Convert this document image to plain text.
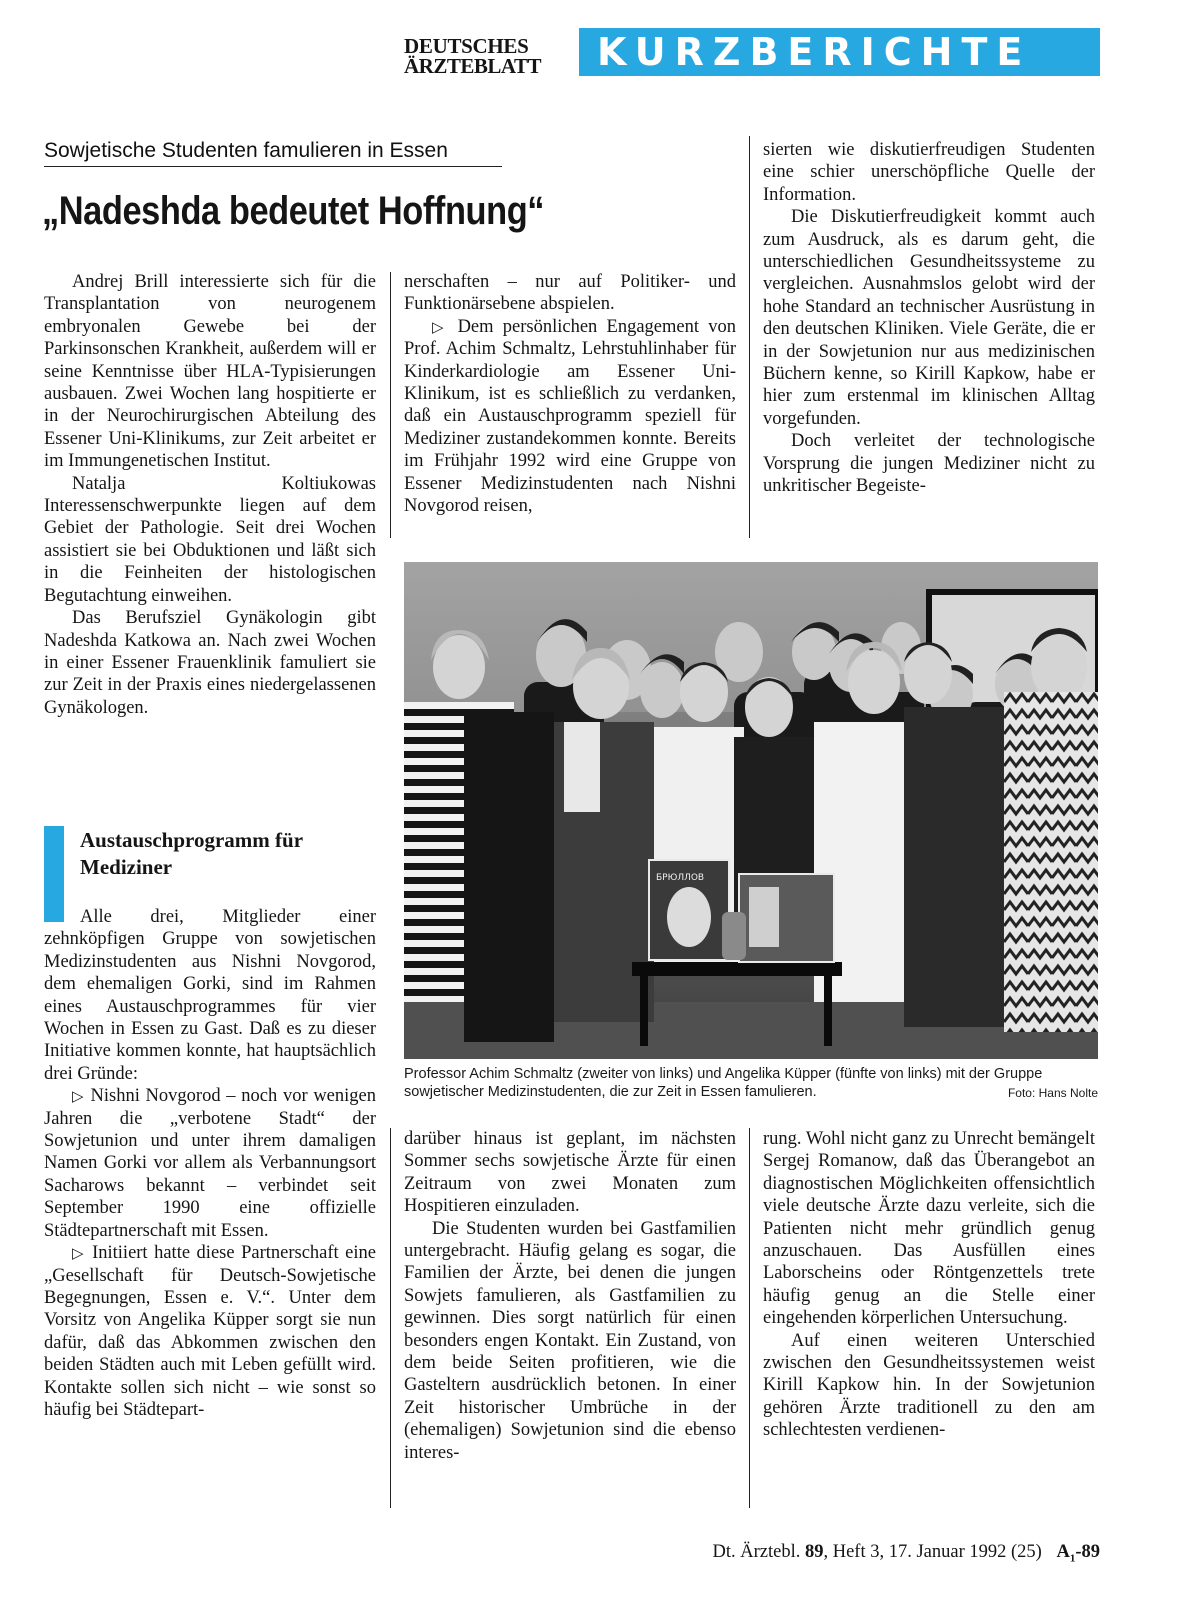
DEUTSCHES
ÄRZTEBLATT	KURZBERICHTE
Sowjetische Studenten famulieren in Essen
„Nadeshda bedeutet Hoffnung“

Andrej Brill interessierte sich für die Transplantation von neurogenem embryonalen Gewebe bei der Parkinsonschen Krankheit, außerdem will er seine Kenntnisse über HLA-Typisierungen ausbauen. Zwei Wochen lang hospitierte er in der Neurochirurgischen Abteilung des Essener Uni-Klinikums, zur Zeit arbeitet er im Immungenetischen Institut.

Natalja Koltiukowas Interessenschwerpunkte liegen auf dem Gebiet der Pathologie. Seit drei Wochen assistiert sie bei Obduktionen und läßt sich in die Feinheiten der histologischen Begutachtung einweihen.

Das Berufsziel Gynäkologin gibt Nadeshda Katkowa an. Nach zwei Wochen in einer Essener Frauenklinik famuliert sie zur Zeit in der Praxis eines niedergelassenen Gynäkologen.

Austauschprogramm für Mediziner

Alle drei, Mitglieder einer zehnköpfigen Gruppe von sowjetischen Medizinstudenten aus Nishni Novgorod, dem ehemaligen Gorki, sind im Rahmen eines Austauschprogrammes für vier Wochen in Essen zu Gast. Daß es zu dieser Initiative kommen konnte, hat hauptsächlich drei Gründe:

▷ Nishni Novgorod – noch vor wenigen Jahren die „verbotene Stadt“ der Sowjetunion und unter ihrem damaligen Namen Gorki vor allem als Verbannungsort Sacharows bekannt – verbindet seit September 1990 eine offizielle Städtepartnerschaft mit Essen.

▷ Initiiert hatte diese Partnerschaft eine „Gesellschaft für Deutsch-Sowjetische Begegnungen, Essen e. V.“. Unter dem Vorsitz von Angelika Küpper sorgt sie nun dafür, daß das Abkommen zwischen den beiden Städten auch mit Leben gefüllt wird. Kontakte sollen sich nicht – wie sonst so häufig bei Städtepart-

nerschaften – nur auf Politiker- und Funktionärsebene abspielen.

▷ Dem persönlichen Engagement von Prof. Achim Schmaltz, Lehrstuhlinhaber für Kinderkardiologie am Essener Uni-Klinikum, ist es schließlich zu verdanken, daß ein Austauschprogramm speziell für Mediziner zustandekommen konnte. Bereits im Frühjahr 1992 wird eine Gruppe von Essener Medizinstudenten nach Nishni Novgorod reisen,

sierten wie diskutierfreudigen Studenten eine schier unerschöpfliche Quelle der Information.

Die Diskutierfreudigkeit kommt auch zum Ausdruck, als es darum geht, die unterschiedlichen Gesundheitssysteme zu vergleichen. Ausnahmslos gelobt wird der hohe Standard an technischer Ausrüstung in den deutschen Kliniken. Viele Geräte, die er in der Sowjetunion nur aus medizinischen Büchern kenne, so Kirill Kapkow, habe er hier zum erstenmal im klinischen Alltag vorgefunden.

Doch verleitet der technologische Vorsprung die jungen Mediziner nicht zu unkritischer Begeiste-

БРЮЛЛОВ
Professor Achim Schmaltz (zweiter von links) und Angelika Küpper (fünfte von links) mit der Gruppe sowjetischer Medizinstudenten, die zur Zeit in Essen famulieren.	Foto: Hans Nolte

darüber hinaus ist geplant, im nächsten Sommer sechs sowjetische Ärzte für einen Zeitraum von zwei Monaten zum Hospitieren einzuladen.

Die Studenten wurden bei Gastfamilien untergebracht. Häufig gelang es sogar, die Familien der Ärzte, bei denen die jungen Sowjets famulieren, als Gastfamilien zu gewinnen. Dies sorgt natürlich für einen besonders engen Kontakt. Ein Zustand, von dem beide Seiten profitieren, wie die Gasteltern ausdrücklich betonen. In einer Zeit historischer Umbrüche in der (ehemaligen) Sowjetunion sind die ebenso interes-

rung. Wohl nicht ganz zu Unrecht bemängelt Sergej Romanow, daß das Überangebot an diagnostischen Möglichkeiten offensichtlich viele deutsche Ärzte dazu verleite, sich die Patienten nicht mehr gründlich genug anzuschauen. Das Ausfüllen eines Laborscheins oder Röntgenzettels trete häufig genug an die Stelle einer eingehenden körperlichen Untersuchung.

Auf einen weiteren Unterschied zwischen den Gesundheitssystemen weist Kirill Kapkow hin. In der Sowjetunion gehören Ärzte traditionell zu den am schlechtesten verdienen-

Dt. Ärztebl. 89, Heft 3, 17. Januar 1992 (25) $A_1-89$
